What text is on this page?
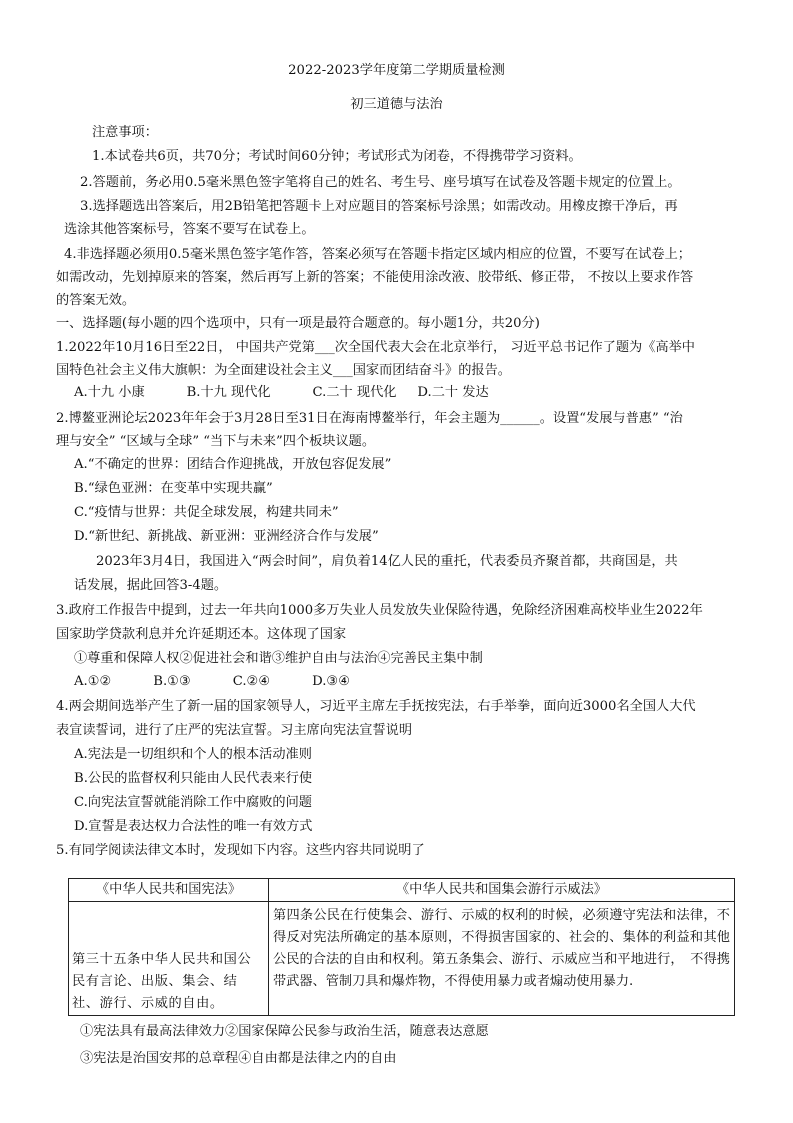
2022-2023学年度第二学期质量检测
初三道德与法治
注意事项：
1.本试卷共6页，共70分；考试时间60分钟；考试形式为闭卷，不得携带学习资料。
2.答题前，务必用0.5毫米黑色签字笔将自己的姓名、考生号、座号填写在试卷及答题卡规定的位置上。
3.选择题选出答案后，用2B铅笔把答题卡上对应题目的答案标号涂黑；如需改动。用橡皮擦干净后，再
选涂其他答案标号，答案不要写在试卷上。
4.非选择题必须用0.5毫米黑色签字笔作答，答案必须写在答题卡指定区域内相应的位置，不要写在试卷上；
如需改动，先划掉原来的答案，然后再写上新的答案；不能使用涂改液、胶带纸、修正带， 不按以上要求作答
的答案无效。
一、选择题(每小题的四个选项中，只有一项是最符合题意的。每小题1分，共20分)
1.2022年10月16日至22日， 中国共产党第___次全国代表大会在北京举行， 习近平总书记作了题为《高举中
国特色社会主义伟大旗帜：为全面建设社会主义___国家而团结奋斗》的报告。
A.十九 小康          B.十九 现代化          C.二十 现代化     D.二十 发达
2.博鳌亚洲论坛2023年年会于3月28日至31日在海南博鳌举行，年会主题为______。设置“发展与普惠” “治
理与安全” “区域与全球” “当下与未来”四个板块议题。
A.“不确定的世界：团结合作迎挑战，开放包容促发展”
B.“绿色亚洲：在变革中实现共赢”
C.“疫情与世界：共促全球发展，构建共同未”
D.“新世纪、新挑战、新亚洲：亚洲经济合作与发展”
2023年3月4日，我国进入“两会时间”，肩负着14亿人民的重托，代表委员齐聚首都，共商国是，共
话发展，据此回答3-4题。
3.政府工作报告中提到，过去一年共向1000多万失业人员发放失业保险待遇，免除经济困难高校毕业生2022年
国家助学贷款利息并允许延期还本。这体现了国家
①尊重和保障人权②促进社会和谐③维护自由与法治④完善民主集中制
A.①②          B.①③          C.②④          D.③④
4.两会期间选举产生了新一届的国家领导人，习近平主席左手抚按宪法，右手举拳，面向近3000名全国人大代
表宣读誓词，进行了庄严的宪法宣誓。习主席向宪法宣誓说明
A.宪法是一切组织和个人的根本活动准则
B.公民的监督权利只能由人民代表来行使
C.向宪法宣誓就能消除工作中腐败的问题
D.宣誓是表达权力合法性的唯一有效方式
5.有同学阅读法律文本时，发现如下内容。这些内容共同说明了
《中华人民共和国宪法》	《中华人民共和国集会游行示威法》
第三十五条中华人民共和国公民有言论、出版、集会、结社、游行、示威的自由。	第四条公民在行使集会、游行、示威的权利的时候，必须遵守宪法和法律，不得反对宪法所确定的基本原则，不得损害国家的、社会的、集体的利益和其他公民的合法的自由和权利。第五条集会、游行、示威应当和平地进行，　不得携带武器、管制刀具和爆炸物，不得使用暴力或者煽动使用暴力.
①宪法具有最高法律效力②国家保障公民参与政治生活，随意表达意愿
③宪法是治国安邦的总章程④自由都是法律之内的自由
